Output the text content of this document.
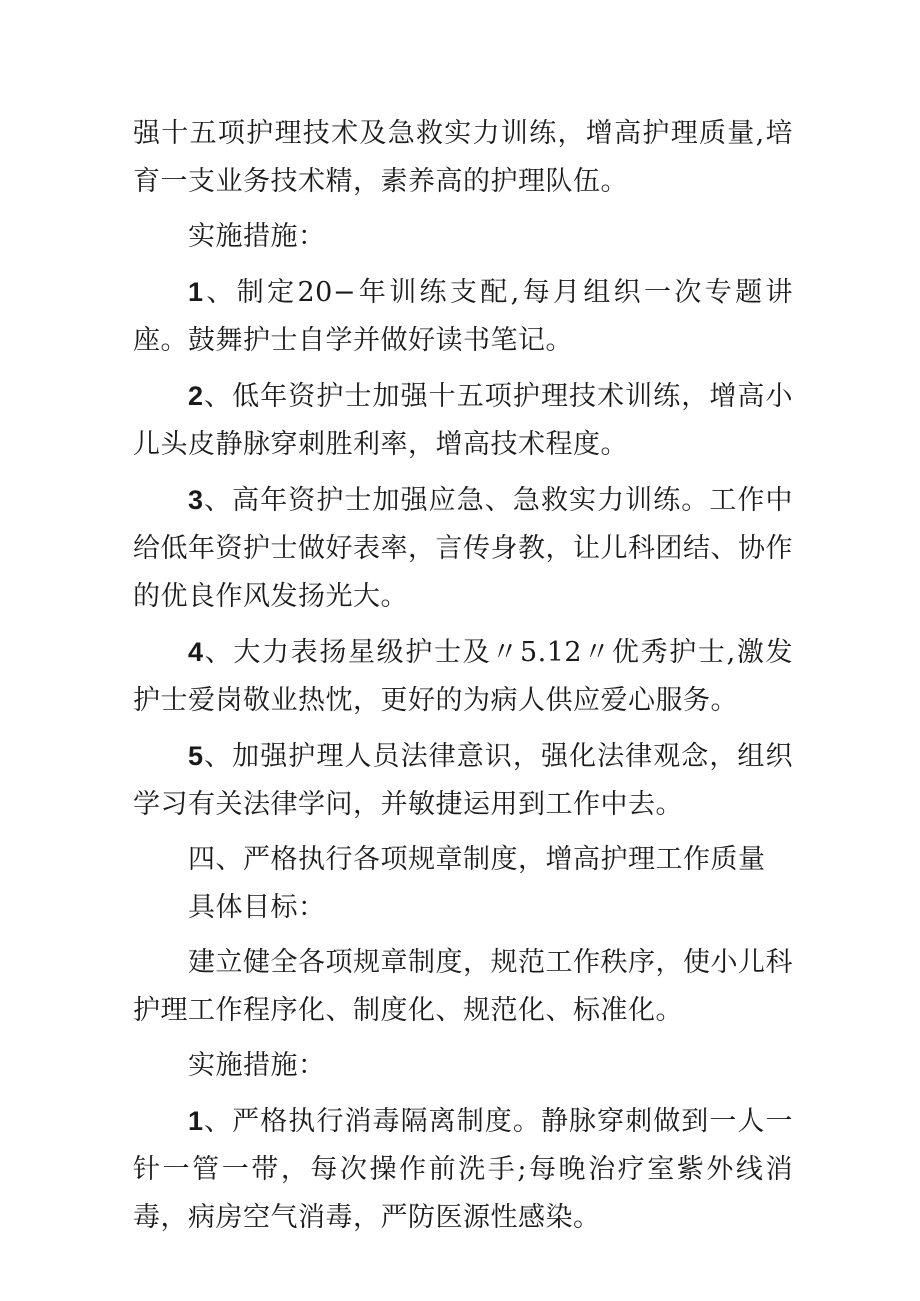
强十五项护理技术及急救实力训练，增高护理质量,培育一支业务技术精，素养高的护理队伍。

实施措施：

1、制定20−年训练支配,每月组织一次专题讲座。鼓舞护士自学并做好读书笔记。

2、低年资护士加强十五项护理技术训练，增高小儿头皮静脉穿刺胜利率，增高技术程度。

3、高年资护士加强应急、急救实力训练。工作中给低年资护士做好表率，言传身教，让儿科团结、协作的优良作风发扬光大。

4、大力表扬星级护士及〃5.12〃优秀护士,激发护士爱岗敬业热忱，更好的为病人供应爱心服务。

5、加强护理人员法律意识，强化法律观念，组织学习有关法律学问，并敏捷运用到工作中去。

四、严格执行各项规章制度，增高护理工作质量

具体目标：

建立健全各项规章制度，规范工作秩序，使小儿科护理工作程序化、制度化、规范化、标准化。

实施措施：

1、严格执行消毒隔离制度。静脉穿刺做到一人一针一管一带，每次操作前洗手;每晚治疗室紫外线消毒，病房空气消毒，严防医源性感染。
